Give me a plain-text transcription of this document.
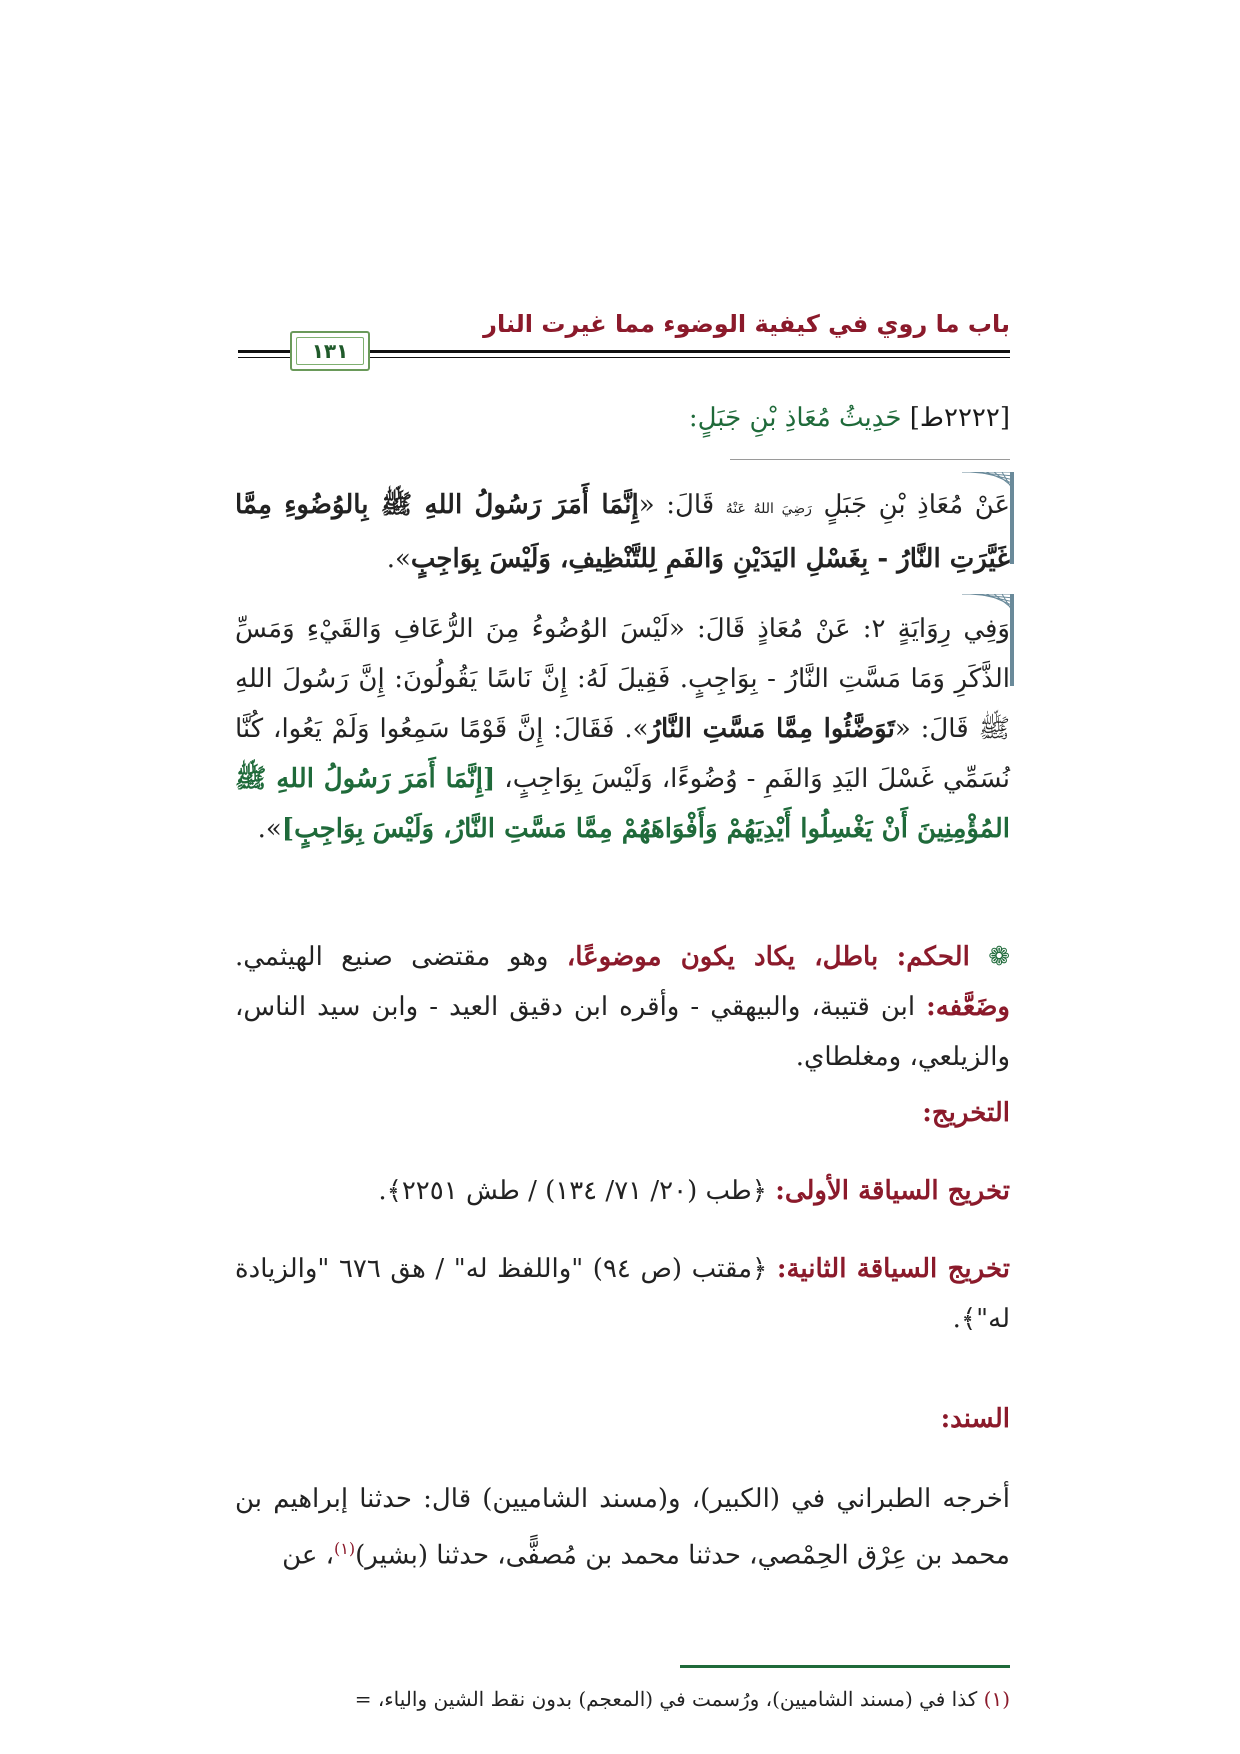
باب ما روي في كيفية الوضوء مما غيرت النار
١٣١
[٢٢٢٢ط] حَدِيثُ مُعَاذِ بْنِ جَبَلٍ:
عَنْ مُعَاذِ بْنِ جَبَلٍ رَضِيَ اللهُ عَنْهُ قَالَ: «إِنَّمَا أَمَرَ رَسُولُ اللهِ ﷺ بِالوُضُوءِ مِمَّا غَيَّرَتِ النَّارُ - بِغَسْلِ اليَدَيْنِ وَالفَمِ لِلتَّنْظِيفِ، وَلَيْسَ بِوَاجِبٍ».
وَفِي رِوَايَةٍ ٢: عَنْ مُعَاذٍ قَالَ: «لَيْسَ الوُضُوءُ مِنَ الرُّعَافِ وَالقَيْءِ وَمَسِّ الذَّكَرِ وَمَا مَسَّتِ النَّارُ - بِوَاجِبٍ. فَقِيلَ لَهُ: إِنَّ نَاسًا يَقُولُونَ: إِنَّ رَسُولَ اللهِ ﷺ قَالَ: «تَوَضَّئُوا مِمَّا مَسَّتِ النَّارُ». فَقَالَ: إِنَّ قَوْمًا سَمِعُوا وَلَمْ يَعُوا، كُنَّا نُسَمِّي غَسْلَ اليَدِ وَالفَمِ - وُضُوءًا، وَلَيْسَ بِوَاجِبٍ، [إِنَّمَا أَمَرَ رَسُولُ اللهِ ﷺ المُؤْمِنِينَ أَنْ يَغْسِلُوا أَيْدِيَهُمْ وَأَفْوَاهَهُمْ مِمَّا مَسَّتِ النَّارُ، وَلَيْسَ بِوَاجِبٍ]».
❁ الحكم: باطل، يكاد يكون موضوعًا، وهو مقتضى صنيع الهيثمي. وضَعَّفه: ابن قتيبة، والبيهقي - وأقره ابن دقيق العيد - وابن سيد الناس، والزيلعي، ومغلطاي.
التخريج:
تخريج السياقة الأولى: ﴿طب (٢٠/ ٧١/ ١٣٤) / طش ٢٢٥١﴾.
تخريج السياقة الثانية: ﴿مقتب (ص ٩٤) "واللفظ له" / هق ٦٧٦ "والزيادة له"﴾.
السند:
أخرجه الطبراني في (الكبير)، و(مسند الشاميين) قال: حدثنا إبراهيم بن محمد بن عِرْق الحِمْصي، حدثنا محمد بن مُصفًّى، حدثنا (بشير)$^{(١)}$، عن
(١) كذا في (مسند الشاميين)، ورُسمت في (المعجم) بدون نقط الشين والياء، =
